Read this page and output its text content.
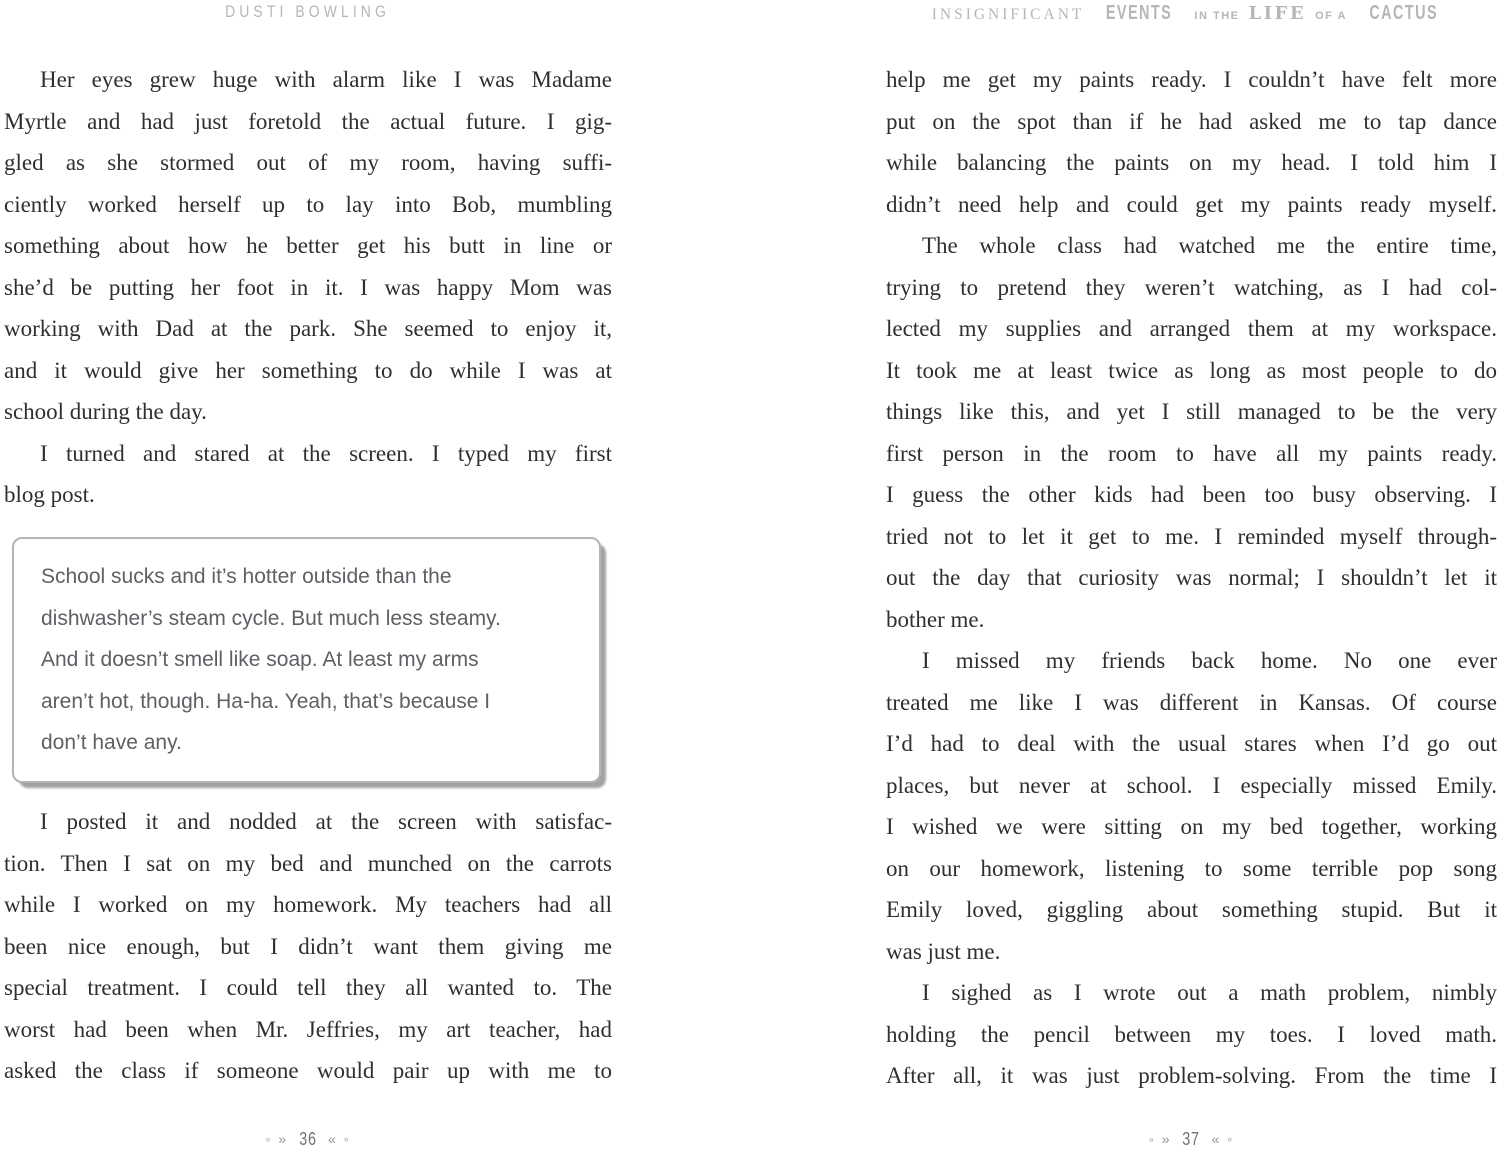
DUSTI BOWLING	INSIGNIFICANT EVENTS IN THE LIFE OF A CACTUS
Her eyes grew huge with alarm like I was Madame
Myrtle and had just foretold the actual future. I gig-
gled as she stormed out of my room, having suffi-
ciently worked herself up to lay into Bob, mumbling
something about how he better get his butt in line or
she’d be putting her foot in it. I was happy Mom was
working with Dad at the park. She seemed to enjoy it,
and it would give her something to do while I was at
school during the day.
I turned and stared at the screen. I typed my first
blog post.
School sucks and it’s hotter outside than the
dishwasher’s steam cycle. But much less steamy.
And it doesn’t smell like soap. At least my arms
aren’t hot, though. Ha-ha. Yeah, that’s because I
don’t have any.
I posted it and nodded at the screen with satisfac-
tion. Then I sat on my bed and munched on the carrots
while I worked on my homework. My teachers had all
been nice enough, but I didn’t want them giving me
special treatment. I could tell they all wanted to. The
worst had been when Mr. Jeffries, my art teacher, had
asked the class if someone would pair up with me to
help me get my paints ready. I couldn’t have felt more
put on the spot than if he had asked me to tap dance
while balancing the paints on my head. I told him I
didn’t need help and could get my paints ready myself.
The whole class had watched me the entire time,
trying to pretend they weren’t watching, as I had col-
lected my supplies and arranged them at my workspace.
It took me at least twice as long as most people to do
things like this, and yet I still managed to be the very
first person in the room to have all my paints ready.
I guess the other kids had been too busy observing. I
tried not to let it get to me. I reminded myself through-
out the day that curiosity was normal; I shouldn’t let it
bother me.
I missed my friends back home. No one ever
treated me like I was different in Kansas. Of course
I’d had to deal with the usual stares when I’d go out
places, but never at school. I especially missed Emily.
I wished we were sitting on my bed together, working
on our homework, listening to some terrible pop song
Emily loved, giggling about something stupid. But it
was just me.
I sighed as I wrote out a math problem, nimbly
holding the pencil between my toes. I loved math.
After all, it was just problem-solving. From the time I
◦ » 36 « ◦	◦ » 37 « ◦
